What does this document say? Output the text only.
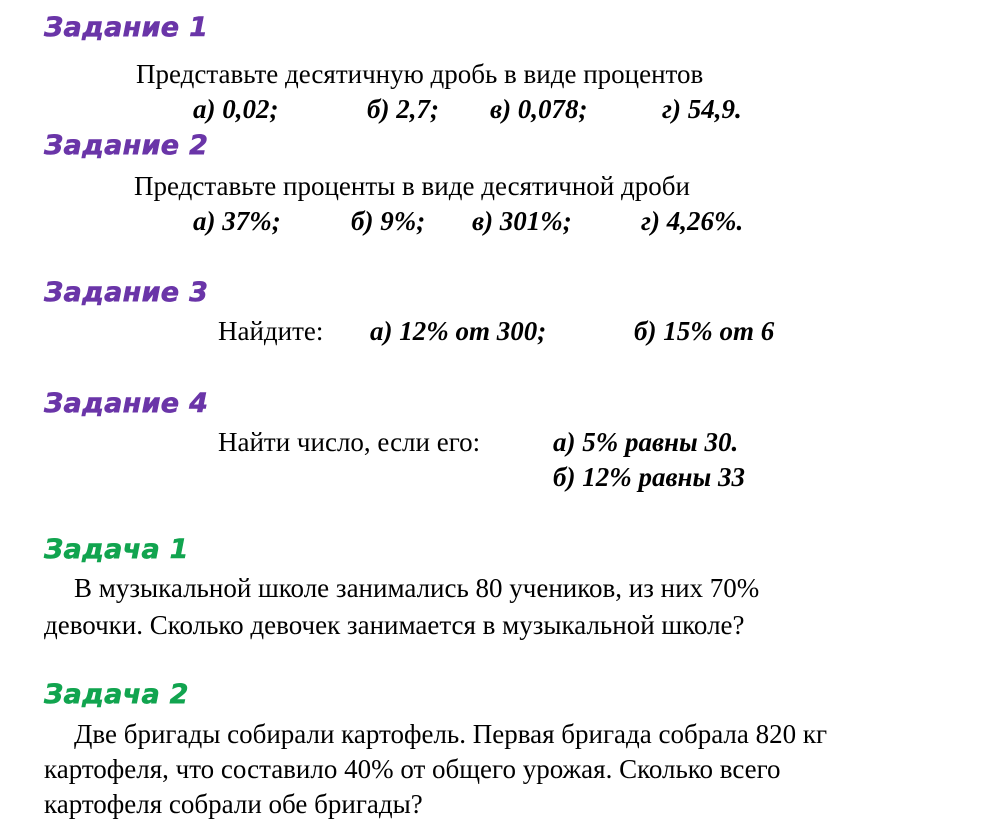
Задание 1
Представьте десятичную дробь в виде процентов
а) 0,02;	б) 2,7; в) 0,078;	г) 54,9.
Задание 2
Представьте проценты в виде десятичной дроби
а) 37%;	б) 9%; в) 301%;	г) 4,26%.
Задание 3
Найдите: а) 12% от 300;	б) 15% от 6
Задание 4
Найти число, если его:	а) 5% равны 30.
б) 12% равны 33
Задача 1
В музыкальной школе занимались 80 учеников, из них 70%
девочки. Сколько девочек занимается в музыкальной школе?
Задача 2
Две бригады собирали картофель. Первая бригада собрала 820 кг
картофеля, что составило 40% от общего урожая. Сколько всего
картофеля собрали обе бригады?
